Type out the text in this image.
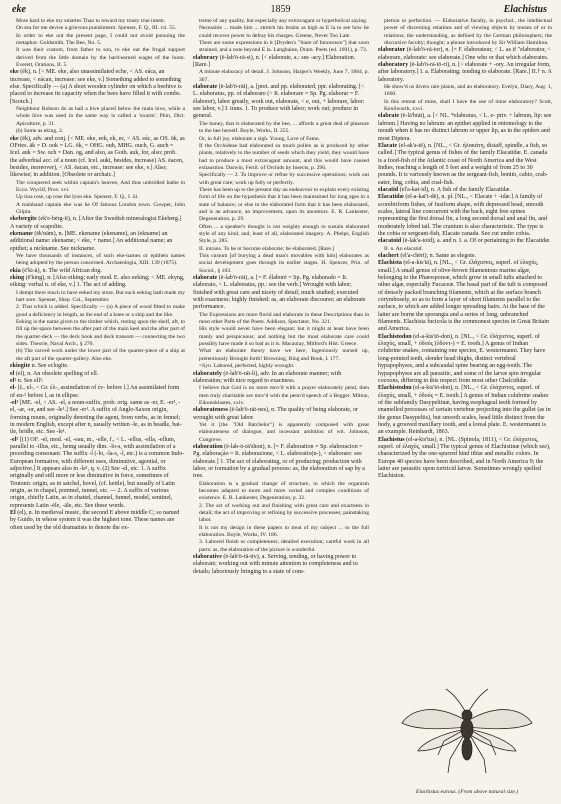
eke	1859	Elachistus

More hard to eke my smartes Than to reward my trusty true intent.

On sea for me devise a grievous punishment. Spenser, F. Q., III. vii. 55.

In order to eke out the present page, I could not avoid pursuing the metaphor. Goldsmith, The Bee, No. 5.

It was their custom, from father to son, to eke out the frugal support derived from the little domain by the hard-earned wages of the loom. Everett, Orations, II. 5.

eke (ēk), n. [< ME. eke, also unassimilated eche, < AS. eáca, an increase, < eácan, increase: see eke, v.] Something added to something else. Specifically — (a) A short wooden cylinder on which a beehive is placed to increase its capacity when the bees have filled it with combs. [Scotch.]

Neighbour Robson do as hall a hive placed below the main hive, while a whole hive was used in the same way is called a 'swarm'. Phin, Dict. Apiculture, p. 31.

(b) Same as eking, 2.

eke (ēk), adv. and conj. [< ME. eke, eek, ek, ec, < AS. eác, as OS. ōk, as OFries. āk = D. ook = LG. ōk, = OHG. ouh, MHG. ouch, G. auch = Icel. auk = Sw. och = Dan. og, and also, as Goth. auk, for, also; prob. the adverbial acc. of a noun (cf. Icel. auki, besides, increase) AS. ēacen, besides, moreover), < AS. ēacan, etc., increase: see eke, v.] Also; likewise; in addition. [Obsolete or archaic.]

The conquered seek within captain's heaven, And thus unbridled bathe in Ecco. Wyclif, Prov. xvi.

Up tina rose, up rose the lyon eke. Spenser, F. Q., I. iii.

A trainband captain eke was he Of famous London town. Cowper, John Gilpin.

ekebergite (ek'e-bėrg-īt), n. [After the Swedish mineralogist Ekeberg.] A variety of scapolite.

ekename (ēk'nām), n. [ME. ekename (ekename), an (ekname) an additional name: ekename; < eke, + name.] An additional name; an epithet; a nickname. See nickname.

We have thousands of instances, of such eke-names or epithets names being adopted by the person concerned. Archaeologia, XIII. 139 (1875).

ekia (ē'ki-ä), n. The wild African dog.

eking (ē'king), n. [Also eiking; early mod. E. also eeking; < ME. ekyng, eiking: verbal n. of eke, v.] 1. The act of adding.

I dempt there much to have eeked my store, But such eeking hath made my hart sore. Spenser, Shep. Cal., September.

2. That which is added. Specifically — (a) A piece of wood fitted to make good a deficiency in length, as the end of a knee or a ship and the like.

Eeking is the name given to the timber which, resting upon the shelf, aft, to fill up the space between the after part of the main keel and the after part of the quarter-deck — the deck hook and deck transom — connecting the two sides. Theorie, Naval Arch., § 270.

(b) The carved work under the lower part of the quarter-piece of a ship at the aft part of the quarter-gallery. Also eke.

ekiogite n. See eclogite.

el (el), n. An obsolete spelling of ell.

el² n. See ell².

el- [L. el-, < Gr. ἐλ-, assimilation of ἐν- before l.] An assimilated form of en-² before l, as in ellipse.

-el¹ [ME. -el, < AS. -el, a noun-suffix, prob. orig. same as -er, E. -er¹, -el, -ar, -or, and see -le¹.] See -er¹. A suffix of Anglo-Saxon origin, forming nouns, originally denoting the agent, from verbs, as in fennel; in modern English, except after n, usually written -le, as in beadle, bat-tle, bridle, etc. See -le¹.

-el² [(1) OF. -el, mod. -el, -eau, m., -elle, f., < L. -ellus, -ella, -ellum, parallel to -illus, etc., being usually dim. -lo-s, with assimilation of a preceding consonant. The suffix -l (-lo, -la-s, -l, etc.) is a common Indo-European formative, with different uses, diminutive, agential, or adjective.] It appears also in -le¹, q. v. (2) See -el, etc. 1. A suffix originally and still more or less diminutive in force, sometimes of Teutonic origin, as in satchel, hovel, (cf. kettle), but usually of Latin origin, as in chapel, pommel, tunnel, etc. — 2. A suffix of various origin, chiefly Latin, as in chattel, channel, funnel, model, sentinel, represents Latin -ēle, -āle, etc. See these words.

El (el), n. In medieval music, the second E above middle C; so named by Guido, in whose system it was the highest tone. These names are often used by the old dramatists to denote the ex-

treme of any quality, but especially any extravagant or hyperbolical saying.

Necessitie ... made him ... stretch his brains as high as E la to see how he could recover power to defray his charges. Greene, Never Too Late.

There are some expressions in it [Dryden's "State of Innocence"] that soon strained, and a note beyond E la. Langbaine, Dram. Poets (ed. 1691), p. 73.

elaboracy (ē-lab'ō-rā-si), n. [< elaborate, a.: see -acy.] Elaboration. [Rare.]

A minute elaboracy of detail. J. Johnson, Harper's Weekly, June 7, 1884, p. 367.

elaborate (ē-lab'ō-rāt), a. [pret. and pp. elaborated, ppr. elaborating. [< L. elaboratus, pp. of elaborare (> It. elaborare = Sp. Pg. elaborar = F. élaborer), labor greatly, work out, elaborate, < e, out, + laborare, labor: see labor, v.] I. trans. 1. To produce with labor; work out; produce in general.

The honey, that is elaborated by the bee, ... affords a great deal of pleasure to the bee herself. Boyle, Works, II. 255.

Or, in full joy, elaborate a sigh. Young, Love of Fame.

If the Orchideae had elaborated so much pollen as is produced by other plants, relatively to the number of seeds which they yield, they would have had to produce a most extravagant amount, and this would have caused exhaustion. Darwin, Fertil. of Orchids by Insects, p. 296.

Specifically — 2. To improve or refine by successive operations; work out with great care; work up fully or perfectly.

There has been up to the present day an endeavour to explain every existing form of life on the hypothesis that it has been maintained for long ages in a state of balance; or else in the elaborated form that it has been elaborated, and is an advance, an improvement, upon its ancestors. E. R. Lankester, Degeneration, p. 29.

Often ... a speaker's thought is not weighty enough to sustain elaborated style of any kind, and, least of all, elaborated imagery. A. Phelps, English Style, p. 285.

II. intrans. To be or become elaborate; be elaborated. [Rare.]

This custom [of burying a dead man's movables with him] elaborates as social development goes through its earlier stages. H. Spencer, Prin. of Sociol., § 103.

elaborate (ē-lab'ō-rāt), a. [= F. élaboré = Sp. Pg. elaborado = It. elaborato, < L. elaboratus, pp.: see the verb.] Wrought with labor; finished with great care and nicety of detail; much studied; executed with exactness; highly finished: as, an elaborate discourse; an elaborate performance.

The Expressions are more florid and elaborate in these Descriptions than in most other Parts of the Poem. Addison, Spectator, No. 321.

His style would never have been elegant; but it might at least have been manly and perspicuous; and nothing but the most elaborate care could possibly have made it so bad as it is. Macaulay, Mitford's Hist. Greece.

What an elaborate theory have we here, Ingeniously nursed up, pretentiously Brought forth! Browning, Ring and Book, I. 177.

=Syn. Labored, perfected, highly wrought.

elaborately (ē-lab'ō-rāt-li), adv. In an elaborate manner; with elaboration; with nice regard to exactness.

I believe that God is no more mov'd with a prayer elaborately pend, then men truly charitable are mov'd with the penn'd speech of a Begger. Milton, Eikonoklastes, xxiv.

elaborateness (ē-lab'ō-rāt-nes), n. The quality of being elaborate, or wrought with great labor.

Yet it [the "Old Batchelor"] is apparently composed with great elaborateness of dialogue, and incessant ambition of wit. Johnson, Congreve.

elaboration (ē-lab-ō-rā'shon), n. [= F. élaboration = Sp. elaboracion = Pg. elaboração = It. elaborazione, < L. elaboratio(n-), < elaborare: see elaborate.] 1. The act of elaborating, or of producing; production with labor, or formation by a gradual process: as, the elaboration of sap by a tree.

Elaboration is a gradual change of structure, in which the organism becomes adapted to more and more varied and complex conditions of existence. E. R. Lankester, Degeneration, p. 32.

2. The act of working out and finishing with great care and exactness in detail; the act of improving or refining by successive processes; painstaking labor.

It is not my design in these papers to treat of my subject ... to the full elaboration. Boyle, Works, IV. 186.

3. Labored finish or completeness; detailed execution; careful work in all parts: as, the elaboration of the picture is wonderful.

elaborative (ē-lab'ō-rā-tiv), a. Serving, tending, or having power to elaborate; working out with minute attention to completeness and to details; laboriously bringing to a state of com-

pletion or perfection. — Elaborative faculty, in psychol., the intellectual power of discerning relations and of viewing objects by means of or in relations; the understanding, as defined by the German philosophers; the discursive faculty; thought; a phrase introduced by Sir William Hamilton.

elaborator (ē-lab'ō-rā-tor), n. [= F. élaborateur, < L. as if "elaborator, < elaborare, elaborate: see elaborate.] One who or that which elaborates.

elaboratory (ē-lab'ō-rā-tō-ri), n. [< elaborate + -ory. An irregular form, after laboratory.] I. a. Elaborating; tending to elaborate. [Rare.] II.† n. A laboratory.

He show'd us divers rare plants, and an elaboratory. Evelyn, Diary, Aug. 1, 1660.

In this retreat of mine, shall I have the use of mine elaboratory? Scott, Kenilworth, xxvi.

elabrate (ē-lā'brāt), a. [< NL. *elabratus, < L. e- priv. + labrum, lip: see labrum.] Having no labrum: an epithet applied in entomology to the mouth when it has no distinct labrum or upper lip, as in the spiders and most Diptera.

Elacate (el-ak'a-tē), n. [NL., < Gr. ἠλακάτη, distaff, spindle, a fish, so called.] The typical genus of fishes of the family Elacatidæ. E. canada is a food-fish of the Atlantic coast of North America and the West Indies, reaching a length of 5 feet and a weight of from 25 to 30 pounds. It is variously known as the sergeant-fish, bonito, cabio, crab-eater, ling, cobia, and coal-fish.

elacatid (el'a-kat-id), n. A fish of the family Elacatidæ.

Elacatidæ (el-a-kat'i-dē), n. pl. [NL., < Elacate + -idæ.] A family of scombriform fishes, of fusiform shape, with depressed head, smooth scales, lateral line concurrent with the back, eight free spines representing the first dorsal fin, a long second dorsal and anal fin, and moderately lobed tail. The cranium is also characteristic. The type is the cobia or sergeant-fish, Elacate canada. See cut under cobia.

elacatoid (ē-lak'a-toid), a. and n. I. a. Of or pertaining to the Elacatidæ.

II. n. An elacatid.

elachert (el'a-chėrt), n. Same as elegote.

Elachista (el-a-kis'tä), n. [NL., < Gr. ἐλάχιστος, superl. of ἐλαχύς, small.] A small genus of olive-brown filamentous marine algæ, belonging to the Phæosporeæ, which grow in small tufts attached to other algæ, especially Fucaceæ. The basal part of the tuft is composed of densely packed branching filaments, which at the surface branch corymbosely, so as to form a layer of short filaments parallel to the surface, to which are added longer spreading hairs. At the base of the latter are borne the sporangia and a series of long, unbranched filaments. Elachista fucicola is the commonest species in Great Britain and America.

Elachistodon (el-a-kis'tō-don), n. [NL., < Gr. ἐλάχιστος, superl. of ἐλαχύς, small, + ὀδούς (ὀδοντ-) = E. tooth.] A genus of Indian colubrine snakes, containing one species, E. westermanni. They have long-pointed teeth, slender head thighs, distinct vertebral hypapophyses, and a subcaudal spine bearing an egg-tooth. The hypapophyses are all parasitic, and some of the larvæ spin irregular cocoons, differing in this respect from most other Chalcididæ.

Elachistodon (el-a-kis'tō-don), n. [NL., < Gr. ἐλάχιστος, superl. of ἐλαχύς, small, + ὀδούς = E. tooth.] A genus of Indian colubrine snakes of the subfamily Dasypeltinæ, having esophageal teeth formed by enamelled processes of certain vertebræ projecting into the gullet (as in the genus Dasypeltis), but smooth scales, head little distinct from the body, a grooved maxillary tooth, and a loreal plate. E. westermanni is an example. Reinhardt, 1863.

Elachistus (el-a-kis'tus), n. [NL. (Spinola, 1811), < Gr. ἐλάχιστος, superl. of ἐλαχύς, small.] The typical genus of Elachistinæ (which see), characterized by the one-spurred hind tibiæ and metallic colors. In Europe 40 species have been described, and in North America 9; the latter are parasitic upon tortricid larvæ. Sometimes wrongly spelled Elachiston.

Elachistus eurous. (From above natural size.)
